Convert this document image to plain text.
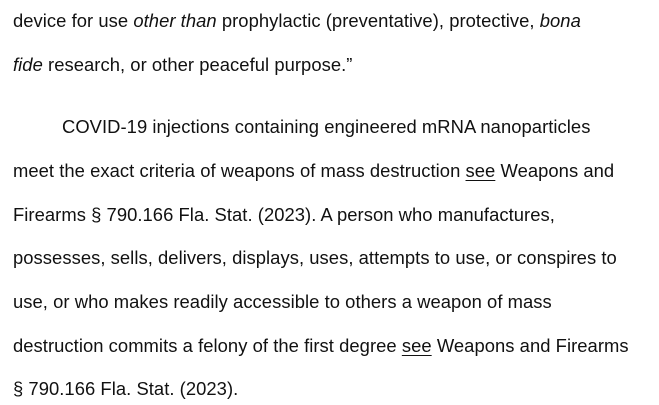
device for use other than prophylactic (preventative), protective, bona
fide research, or other peaceful purpose.”
COVID-19 injections containing engineered mRNA nanoparticles
meet the exact criteria of weapons of mass destruction see Weapons and
Firearms § 790.166 Fla. Stat. (2023). A person who manufactures,
possesses, sells, delivers, displays, uses, attempts to use, or conspires to
use, or who makes readily accessible to others a weapon of mass
destruction commits a felony of the first degree see Weapons and Firearms
§ 790.166 Fla. Stat. (2023).
